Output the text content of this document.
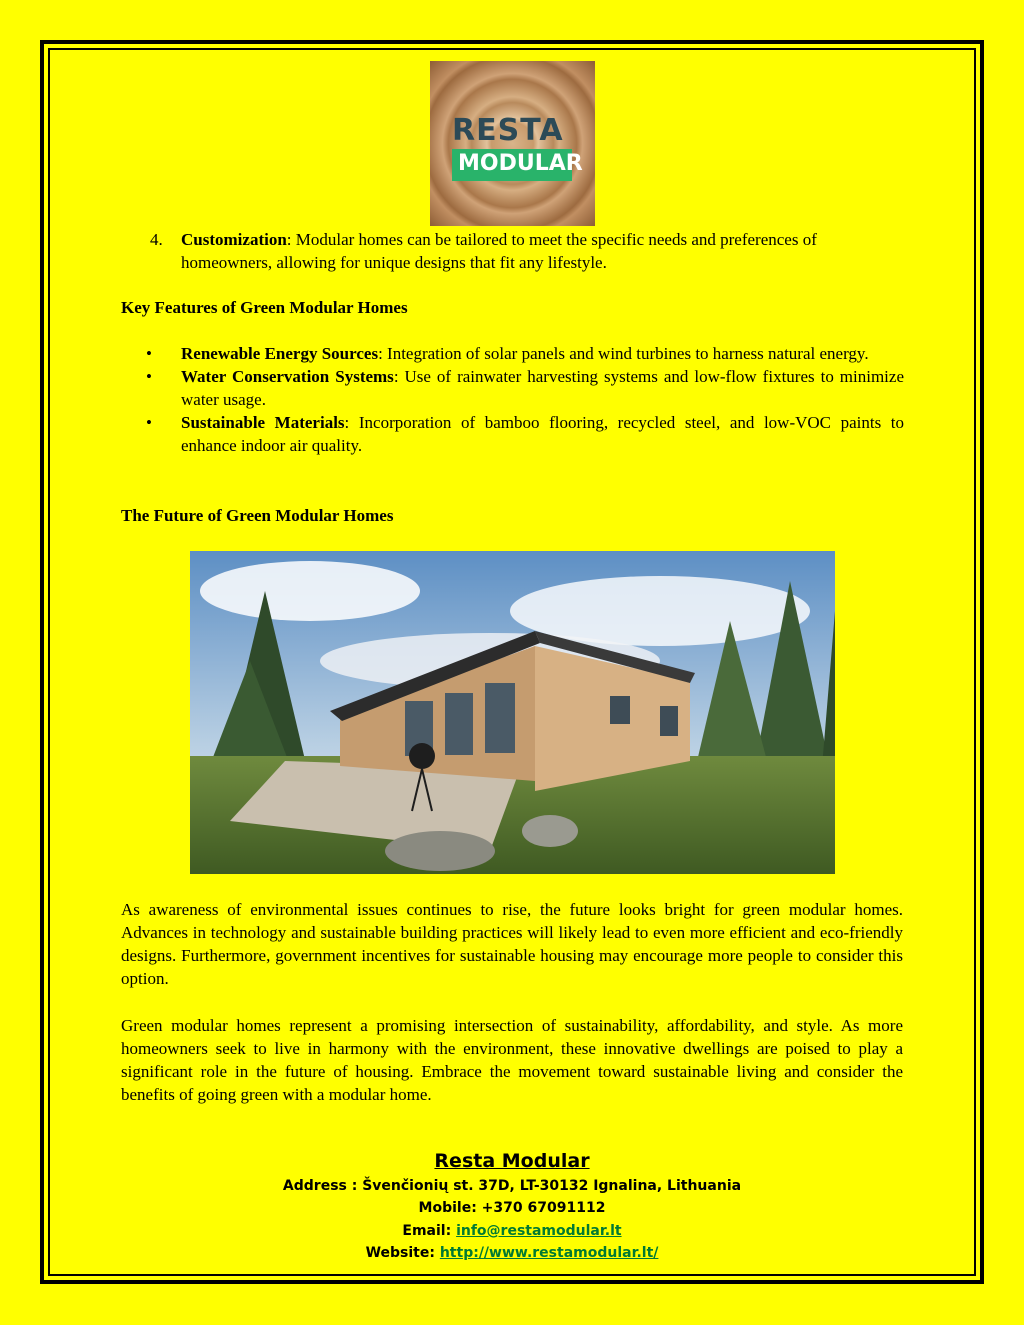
RESTA
MODULAR
4. Customization: Modular homes can be tailored to meet the specific needs and preferences of homeowners, allowing for unique designs that fit any lifestyle.
Key Features of Green Modular Homes
• Renewable Energy Sources: Integration of solar panels and wind turbines to harness natural energy.
• Water Conservation Systems: Use of rainwater harvesting systems and low-flow fixtures to minimize water usage.
• Sustainable Materials: Incorporation of bamboo flooring, recycled steel, and low-VOC paints to enhance indoor air quality.
The Future of Green Modular Homes
As awareness of environmental issues continues to rise, the future looks bright for green modular homes. Advances in technology and sustainable building practices will likely lead to even more efficient and eco-friendly designs. Furthermore, government incentives for sustainable housing may encourage more people to consider this option.
Green modular homes represent a promising intersection of sustainability, affordability, and style. As more homeowners seek to live in harmony with the environment, these innovative dwellings are poised to play a significant role in the future of housing. Embrace the movement toward sustainable living and consider the benefits of going green with a modular home.
Resta Modular
Address : Švenčionių st. 37D, LT-30132 Ignalina, Lithuania
Mobile: +370 67091112
Email: info@restamodular.lt
Website: http://www.restamodular.lt/
